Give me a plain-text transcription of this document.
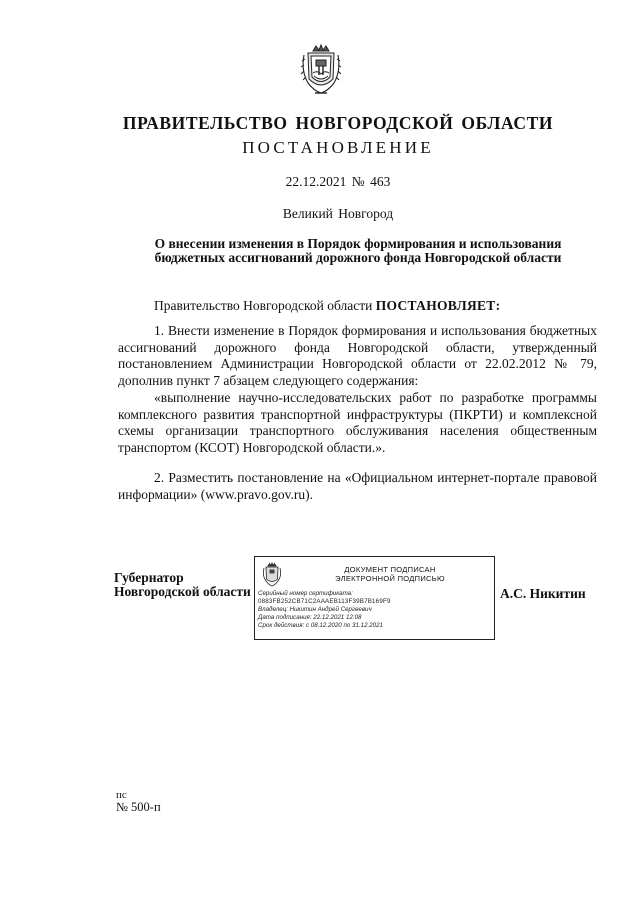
ПРАВИТЕЛЬСТВО НОВГОРОДСКОЙ ОБЛАСТИ
ПОСТАНОВЛЕНИЕ
22.12.2021 № 463
Великий Новгород
О внесении изменения в Порядок формирования и использования бюджетных ассигнований дорожного фонда Новгородской области
Правительство Новгородской области ПОСТАНОВЛЯЕТ:
1. Внести изменение в Порядок формирования и использования бюджетных ассигнований дорожного фонда Новгородской области, утвержденный постановлением Администрации Новгородской области от 22.02.2012 № 79, дополнив пункт 7 абзацем следующего содержания:
«выполнение научно-исследовательских работ по разработке программы комплексного развития транспортной инфраструктуры (ПКРТИ) и комплексной схемы организации транспортного обслуживания населения общественным транспортом (КСОТ) Новгородской области.».
2. Разместить постановление на «Официальном интернет-портале правовой информации» (www.pravo.gov.ru).
Губернатор
Новгородской области
ДОКУМЕНТ ПОДПИСАН
ЭЛЕКТРОННОЙ ПОДПИСЬЮ
Серийный номер сертификата:
0883FB252CB71C2AAAEB113F39B7B169F9
Владелец: Никитин Андрей Сергеевич
Дата подписания: 22.12.2021 12:08
Срок действия: с 08.12.2020 по 31.12.2021
А.С. Никитин
пс
№ 500-п
